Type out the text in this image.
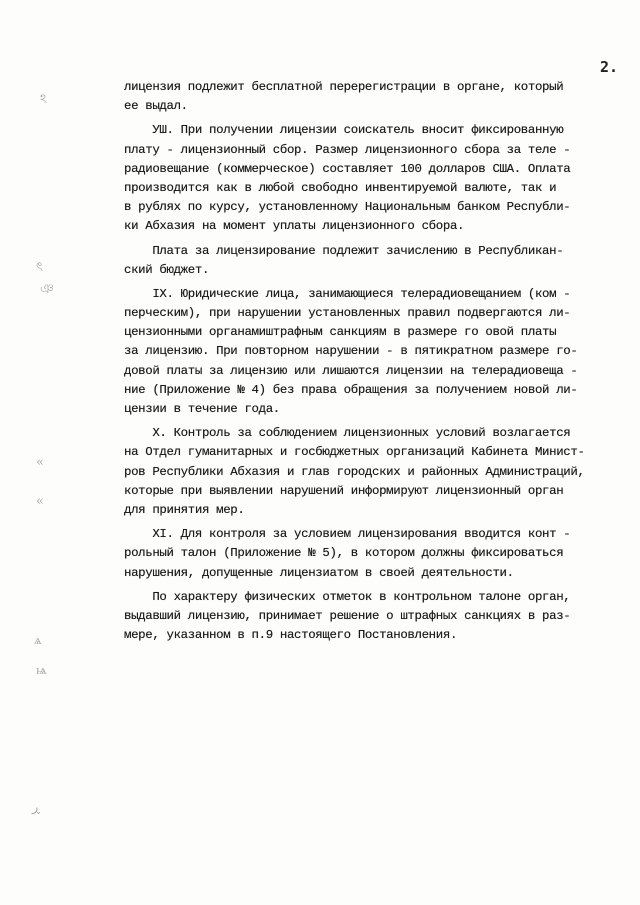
2.
ঽ
ৎ
ঞ
«
«
ѧ
ѩ
ڕ
лицензия подлежит бесплатной перерегистрации в органе, который
ее выдал.
УШ. При получении лицензии соискатель вносит фиксированную
плату - лицензионный сбор. Размер лицензионного сбора за теле -
радиовещание (коммерческое) составляет 100 долларов США. Оплата
производится как в любой свободно инвентируемой валюте, так и
в рублях по курсу, установленному Национальным банком Республи-
ки Абхазия на момент уплаты лицензионного сбора.
Плата за лицензирование подлежит зачислению в Республикан-
ский бюджет.
IX. Юридические лица, занимающиеся телерадиовещанием (ком -
перческим), при нарушении установленных правил подвергаются ли-
цензионными органамиштрафным санкциям в размере го овой платы
за лицензию. При повторном нарушении - в пятикратном размере го-
довой платы за лицензию или лишаются лицензии на телерадиовеща -
ние (Приложение № 4) без права обращения за получением новой ли-
цензии в течение года.
Х. Контроль за соблюдением лицензионных условий возлагается
на Отдел гуманитарных и госбюджетных организаций Кабинета Минист-
ров Республики Абхазия и глав городских и районных Администраций,
которые при выявлении нарушений информируют лицензионный орган
для принятия мер.
XI. Для контроля за условием лицензирования вводится конт -
рольный талон (Приложение № 5), в котором должны фиксироваться
нарушения, допущенные лицензиатом в своей деятельности.
По характеру физических отметок в контрольном талоне орган,
выдавший лицензию, принимает решение о штрафных санкциях в раз-
мере, указанном в п.9 настоящего Постановления.
